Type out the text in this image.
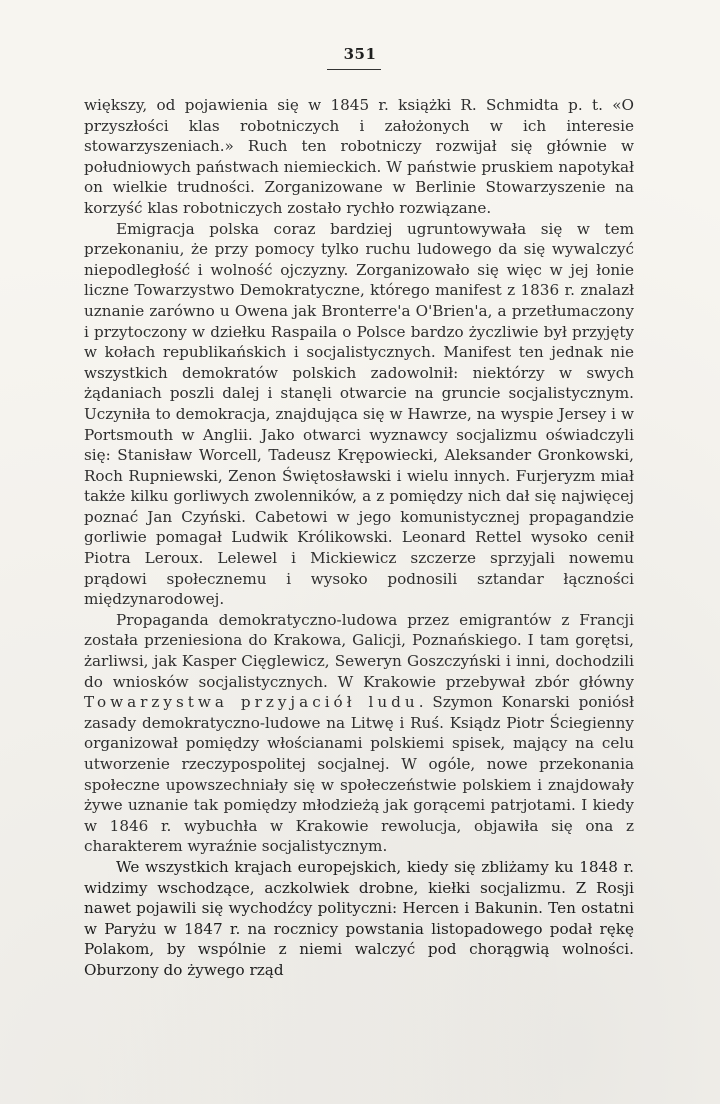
351

większy, od pojawienia się w 1845 r. książki R. Schmidta p. t. «O przyszłości klas robotniczych i założonych w ich interesie stowarzyszeniach.» Ruch ten robotniczy rozwijał się głównie w południowych państwach niemieckich. W państwie pruskiem napotykał on wielkie trudności. Zorganizowane w Berlinie Stowarzyszenie na korzyść klas robotniczych zostało rychło rozwiązane.

Emigracja polska coraz bardziej ugruntowywała się w tem przekonaniu, że przy pomocy tylko ruchu ludowego da się wywalczyć niepodległość i wolność ojczyzny. Zorganizowało się więc w jej łonie liczne Towarzystwo Demokratyczne, którego manifest z 1836 r. znalazł uznanie zarówno u Owena jak Bronterre'a O'Brien'a, a przetłumaczony i przytoczony w dziełku Raspaila o Polsce bardzo życzliwie był przyjęty w kołach republikańskich i socjalistycznych. Manifest ten jednak nie wszystkich demokratów polskich zadowolnił: niektórzy w swych żądaniach poszli dalej i stanęli otwarcie na gruncie socjalistycznym. Uczyniła to demokracja, znajdująca się w Hawrze, na wyspie Jersey i w Portsmouth w Anglii. Jako otwarci wyznawcy socjalizmu oświadczyli się: Stanisław Worcell, Tadeusz Krępowiecki, Aleksander Gronkowski, Roch Rupniewski, Zenon Świętosławski i wielu innych. Furjeryzm miał także kilku gorliwych zwolenników, a z pomiędzy nich dał się najwięcej poznać Jan Czyński. Cabetowi w jego komunistycznej propagandzie gorliwie pomagał Ludwik Królikowski. Leonard Rettel wysoko cenił Piotra Leroux. Lelewel i Mickiewicz szczerze sprzyjali nowemu prądowi społecznemu i wysoko podnosili sztandar łączności międzynarodowej.

Propaganda demokratyczno-ludowa przez emigrantów z Francji została przeniesiona do Krakowa, Galicji, Poznańskiego. I tam gorętsi, żarliwsi, jak Kasper Cięglewicz, Seweryn Goszczyński i inni, dochodzili do wniosków socjalistycznych. W Krakowie przebywał zbór główny Towarzystwa przyjaciół ludu. Szymon Konarski poniósł zasady demokratyczno-ludowe na Litwę i Ruś. Ksiądz Piotr Ściegienny organizował pomiędzy włościanami polskiemi spisek, mający na celu utworzenie rzeczypospolitej socjalnej. W ogóle, nowe przekonania społeczne upowszechniały się w społeczeństwie polskiem i znajdowały żywe uznanie tak pomiędzy młodzieżą jak gorącemi patrjotami. I kiedy w 1846 r. wybuchła w Krakowie rewolucja, objawiła się ona z charakterem wyraźnie socjalistycznym.

We wszystkich krajach europejskich, kiedy się zbliżamy ku 1848 r. widzimy wschodzące, aczkolwiek drobne, kiełki socjalizmu. Z Rosji nawet pojawili się wychodźcy polityczni: Hercen i Bakunin. Ten ostatni w Paryżu w 1847 r. na rocznicy powstania listopadowego podał rękę Polakom, by wspólnie z niemi walczyć pod chorągwią wolności. Oburzony do żywego rząd
